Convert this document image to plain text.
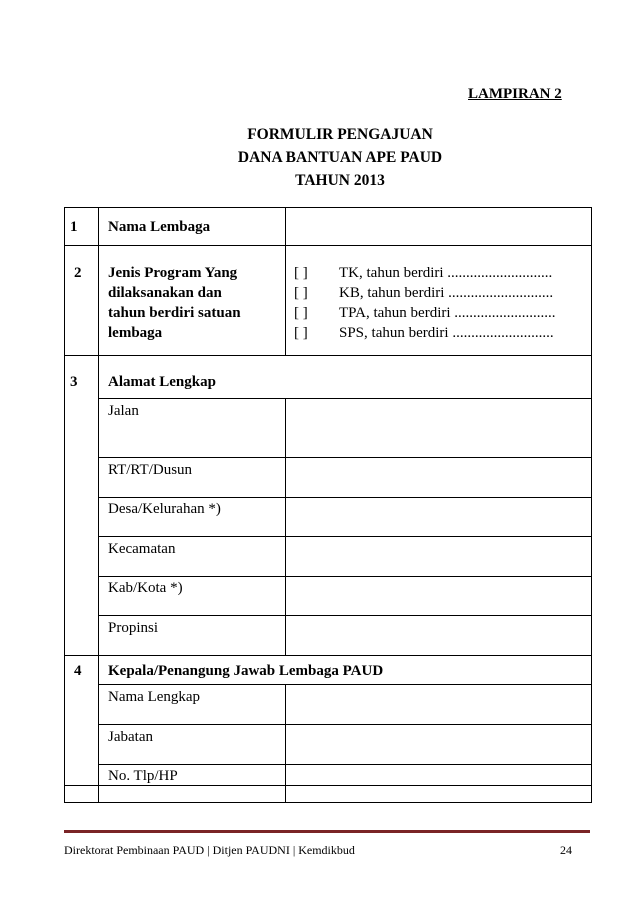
LAMPIRAN 2
FORMULIR PENGAJUAN
DANA BANTUAN APE PAUD
TAHUN 2013
1 Nama Lembaga
2 Jenis Program Yang
dilaksanakan dan
tahun berdiri satuan
lembaga
[ ] TK, tahun berdiri ............................
[ ] KB, tahun berdiri ............................
[ ] TPA, tahun berdiri ...........................
[ ] SPS, tahun berdiri ...........................
3 Alamat Lengkap
Jalan
RT/RT/Dusun
Desa/Kelurahan *)
Kecamatan
Kab/Kota *)
Propinsi
4 Kepala/Penangung Jawab Lembaga PAUD
Nama Lengkap
Jabatan
No. Tlp/HP
Direktorat Pembinaan PAUD | Ditjen PAUDNI | Kemdikbud	24
